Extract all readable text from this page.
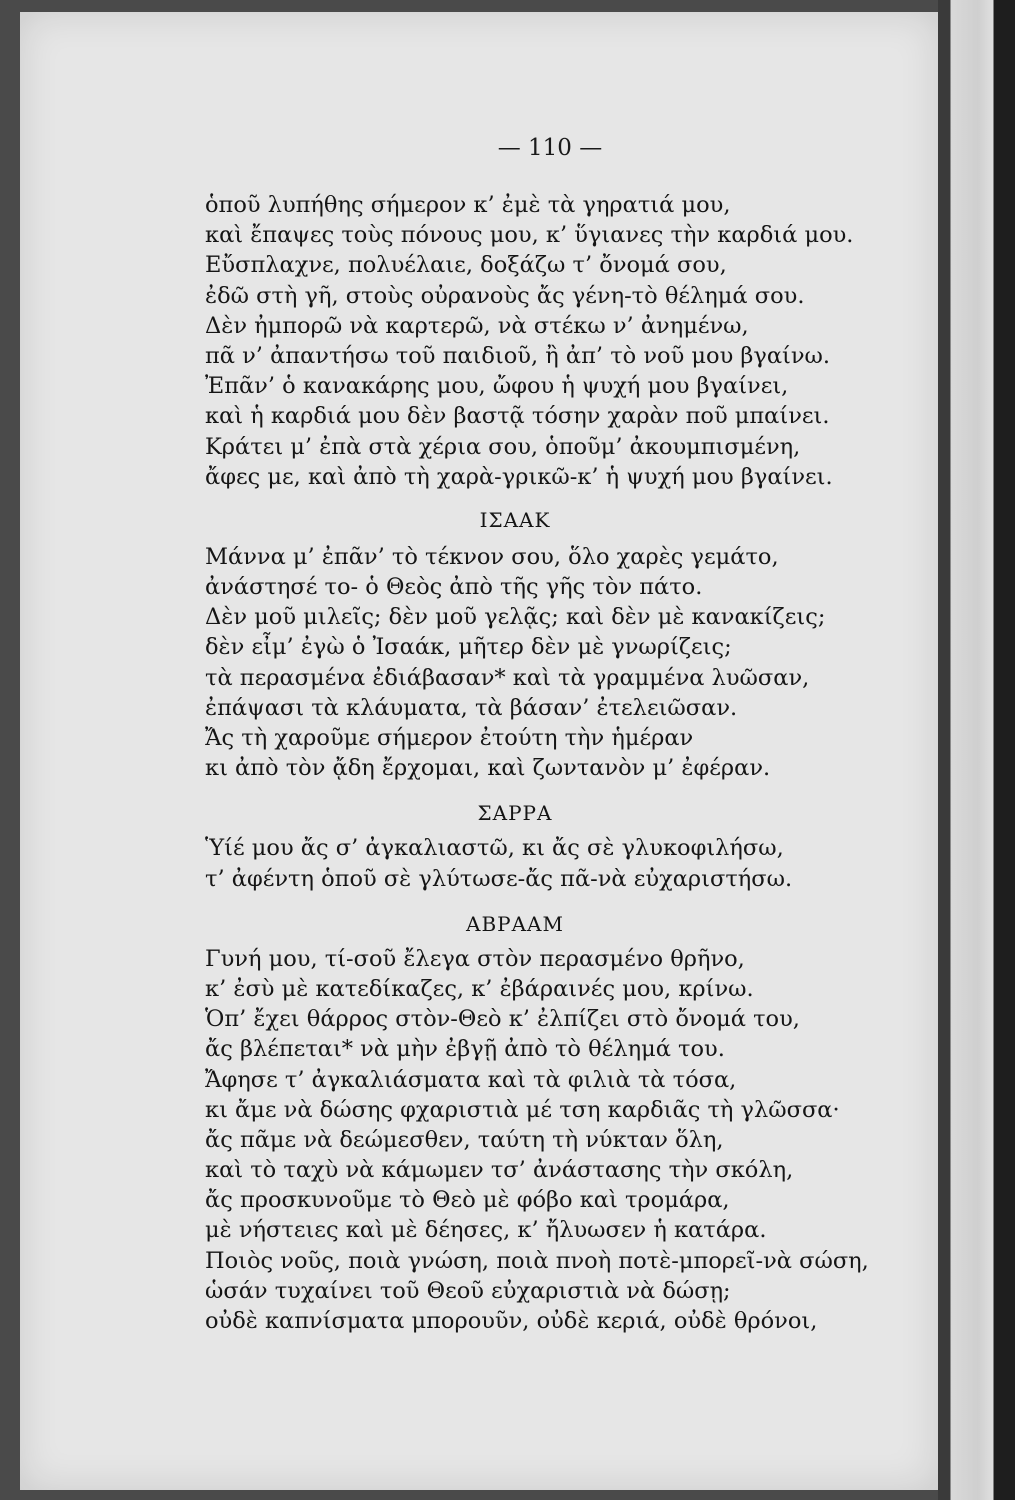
— 110 —
ὁποῦ λυπήθης σήμερον κ’ ἐμὲ τὰ γηρατιά μου,
καὶ ἔπαψες τοὺς πόνους μου, κ’ ὕγιανες τὴν καρδιά μου.
Εὔσπλαχνε, πολυέλαιε, δοξάζω τ’ ὄνομά σου,
ἐδῶ στὴ γῆ, στοὺς οὐρανοὺς ἄς γένη-τὸ θέλημά σου.
Δὲν ἠμπορῶ νὰ καρτερῶ, νὰ στέκω ν’ ἀνημένω,
πᾶ ν’ ἀπαντήσω τοῦ παιδιοῦ, ἢ ἀπ’ τὸ νοῦ μου βγαίνω.
Ἐπᾶν’ ὁ κανακάρης μου, ὤφου ἡ ψυχή μου βγαίνει,
καὶ ἡ καρδιά μου δὲν βαστᾷ τόσην χαρὰν ποῦ μπαίνει.
Κράτει μ’ ἐπὰ στὰ χέρια σου, ὁποῦμ’ ἀκουμπισμένη,
ἄφες με, καὶ ἀπὸ τὴ χαρὰ-γρικῶ-κ’ ἡ ψυχή μου βγαίνει.
ΙΣΑΑΚ
Μάννα μ’ ἐπᾶν’ τὸ τέκνον σου, ὅλο χαρὲς γεμάτο,
ἀνάστησέ το- ὁ Θεὸς ἀπὸ τῆς γῆς τὸν πάτο.
Δὲν μοῦ μιλεῖς; δὲν μοῦ γελᾷς; καὶ δὲν μὲ κανακίζεις;
δὲν εἶμ’ ἐγὼ ὁ Ἰσαάκ, μῆτερ δὲν μὲ γνωρίζεις;
τὰ περασμένα ἐδιάβασαν* καὶ τὰ γραμμένα λυῶσαν,
ἐπάψασι τὰ κλάυματα, τὰ βάσαν’ ἐτελειῶσαν.
Ἄς τὴ χαροῦμε σήμερον ἐτούτη τὴν ἡμέραν
κι ἀπὸ τὸν ᾄδη ἔρχομαι, καὶ ζωντανὸν μ’ ἐφέραν.
ΣΑΡΡΑ
Ὑίέ μου ἄς σ’ ἀγκαλιαστῶ, κι ἄς σὲ γλυκοφιλήσω,
τ’ ἀφέντη ὁποῦ σὲ γλύτωσε-ἄς πᾶ-νὰ εὐχαριστήσω.
ΑΒΡΑΑΜ
Γυνή μου, τί-σοῦ ἔλεγα στὸν περασμένο θρῆνο,
κ’ ἐσὺ μὲ κατεδίκαζες, κ’ ἐβάραινές μου, κρίνω.
Ὁπ’ ἔχει θάρρος στὸν-Θεὸ κ’ ἐλπίζει στὸ ὄνομά του,
ἄς βλέπεται* νὰ μὴν ἐβγῇ ἀπὸ τὸ θέλημά του.
Ἄφησε τ’ ἀγκαλιάσματα καὶ τὰ φιλιὰ τὰ τόσα,
κι ἄμε νὰ δώσης φχαριστιὰ μέ τση καρδιᾶς τὴ γλῶσσα·
ἄς πᾶμε νὰ δεώμεσθεν, ταύτη τὴ νύκταν ὅλη,
καὶ τὸ ταχὺ νὰ κάμωμεν τσ’ ἀνάστασης τὴν σκόλη,
ἄς προσκυνοῦμε τὸ Θεὸ μὲ φόβο καὶ τρομάρα,
μὲ νήστειες καὶ μὲ δέησες, κ’ ἤλυωσεν ἡ κατάρα.
Ποιὸς νοῦς, ποιὰ γνώση, ποιὰ πνοὴ ποτὲ-μπορεῖ-νὰ σώση,
ὡσάν τυχαίνει τοῦ Θεοῦ εὐχαριστιὰ νὰ δώσῃ;
οὐδὲ καπνίσματα μπορουῦν, οὐδὲ κεριά, οὐδὲ θρόνοι,
